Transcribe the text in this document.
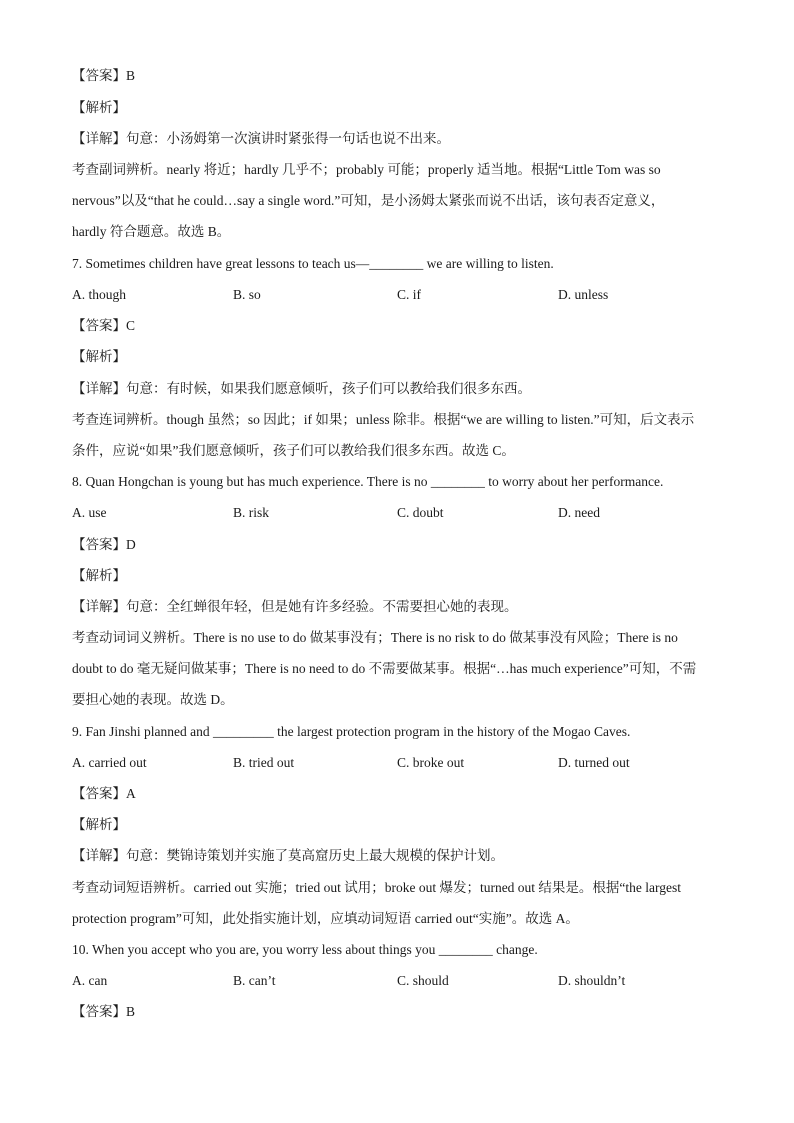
【答案】B
【解析】
【详解】句意：小汤姆第一次演讲时紧张得一句话也说不出来。
考查副词辨析。nearly 将近；hardly 几乎不；probably 可能；properly 适当地。根据“Little Tom was so
nervous”以及“that he could…say a single word.”可知，是小汤姆太紧张而说不出话，该句表否定意义，
hardly 符合题意。故选 B。
7. Sometimes children have great lessons to teach us—________ we are willing to listen.
A. though	B. so	C. if	D. unless
【答案】C
【解析】
【详解】句意：有时候，如果我们愿意倾听，孩子们可以教给我们很多东西。
考查连词辨析。though 虽然；so 因此；if 如果；unless 除非。根据“we are willing to listen.”可知，后文表示
条件，应说“如果”我们愿意倾听，孩子们可以教给我们很多东西。故选 C。
8. Quan Hongchan is young but has much experience. There is no ________ to worry about her performance.
A. use	B. risk	C. doubt	D. need
【答案】D
【解析】
【详解】句意：全红蝉很年轻，但是她有许多经验。不需要担心她的表现。
考查动词词义辨析。There is no use to do 做某事没有；There is no risk to do 做某事没有风险；There is no
doubt to do 毫无疑问做某事；There is no need to do 不需要做某事。根据“…has much experience”可知，不需
要担心她的表现。故选 D。
9. Fan Jinshi planned and _________ the largest protection program in the history of the Mogao Caves.
A. carried out	B. tried out	C. broke out	D. turned out
【答案】A
【解析】
【详解】句意：樊锦诗策划并实施了莫高窟历史上最大规模的保护计划。
考查动词短语辨析。carried out 实施；tried out 试用；broke out 爆发；turned out 结果是。根据“the largest
protection program”可知，此处指实施计划，应填动词短语 carried out“实施”。故选 A。
10. When you accept who you are, you worry less about things you ________ change.
A. can	B. can’t	C. should	D. shouldn’t
【答案】B
